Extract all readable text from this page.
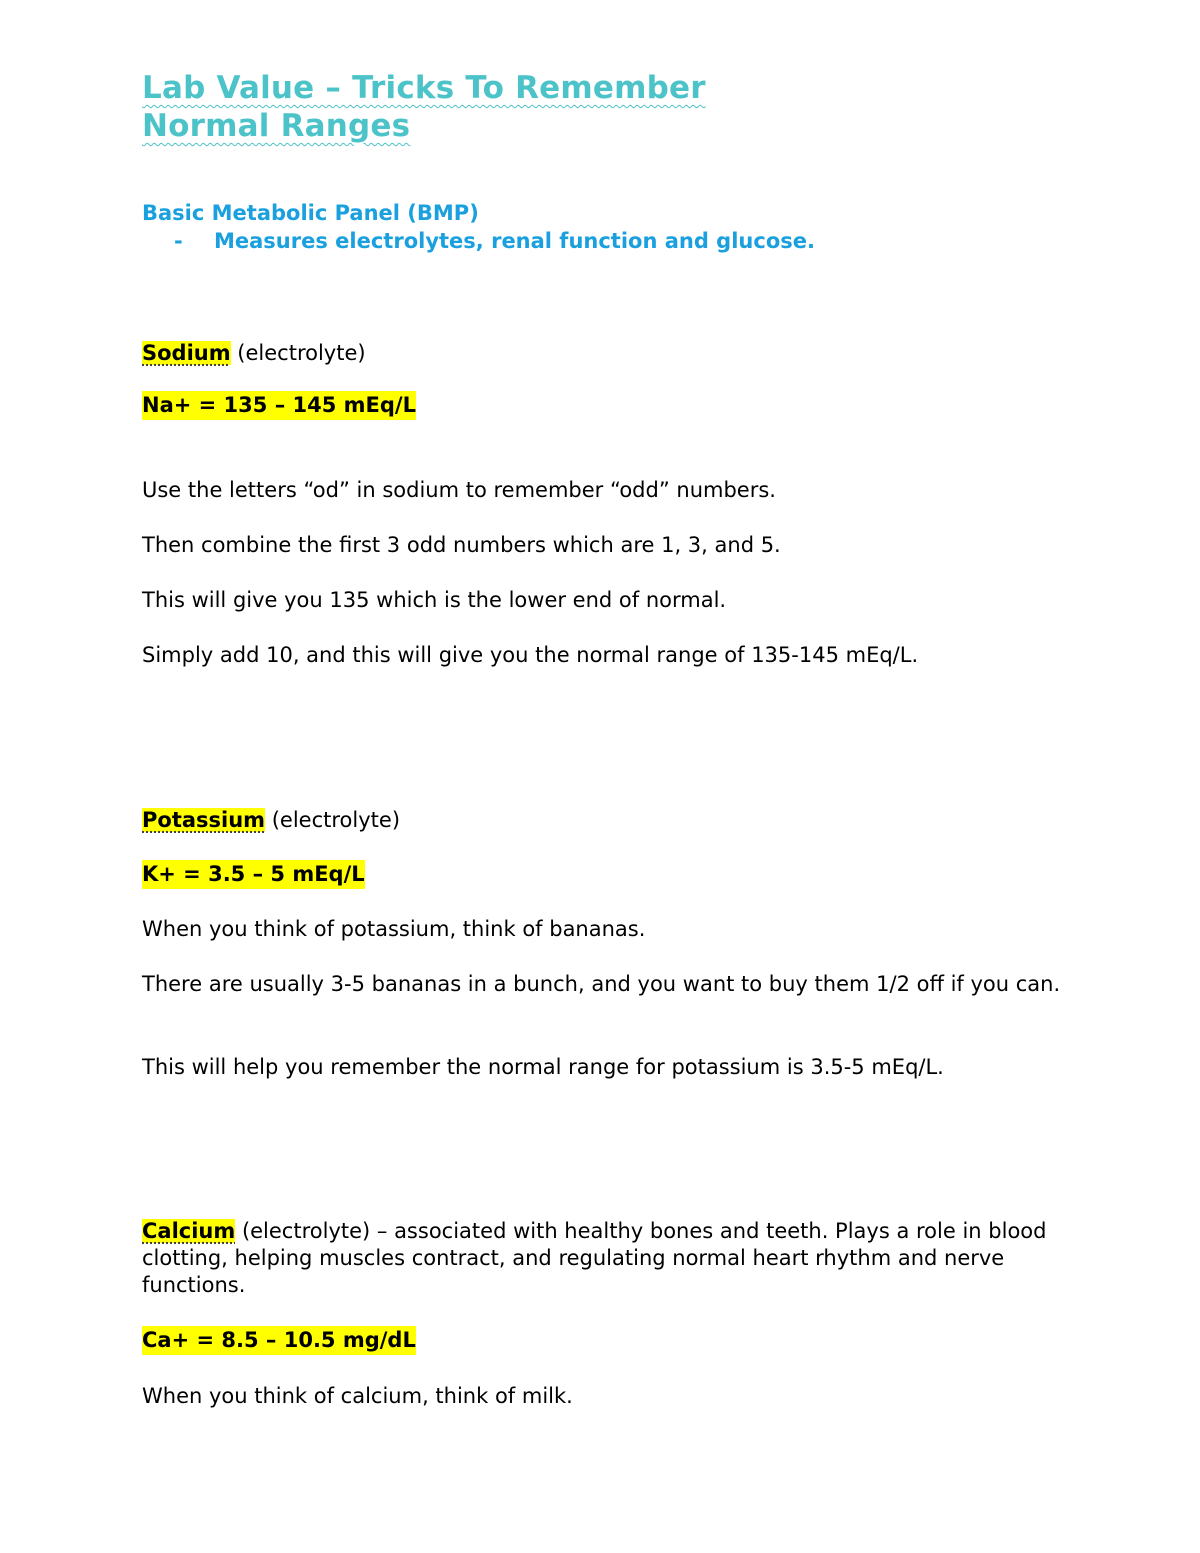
Lab Value – Tricks To Remember
Normal Ranges
Basic Metabolic Panel (BMP)
- Measures electrolytes, renal function and glucose.
Sodium (electrolyte)
Na+ = 135 – 145 mEq/L
Use the letters “od” in sodium to remember “odd” numbers.
Then combine the first 3 odd numbers which are 1, 3, and 5.
This will give you 135 which is the lower end of normal.
Simply add 10, and this will give you the normal range of 135-145 mEq/L.
Potassium (electrolyte)
K+ = 3.5 – 5 mEq/L
When you think of potassium, think of bananas.
There are usually 3-5 bananas in a bunch, and you want to buy them 1/2 off if you can.
This will help you remember the normal range for potassium is 3.5-5 mEq/L.
Calcium (electrolyte) – associated with healthy bones and teeth. Plays a role in blood clotting, helping muscles contract, and regulating normal heart rhythm and nerve functions.
Ca+ = 8.5 – 10.5 mg/dL
When you think of calcium, think of milk.
